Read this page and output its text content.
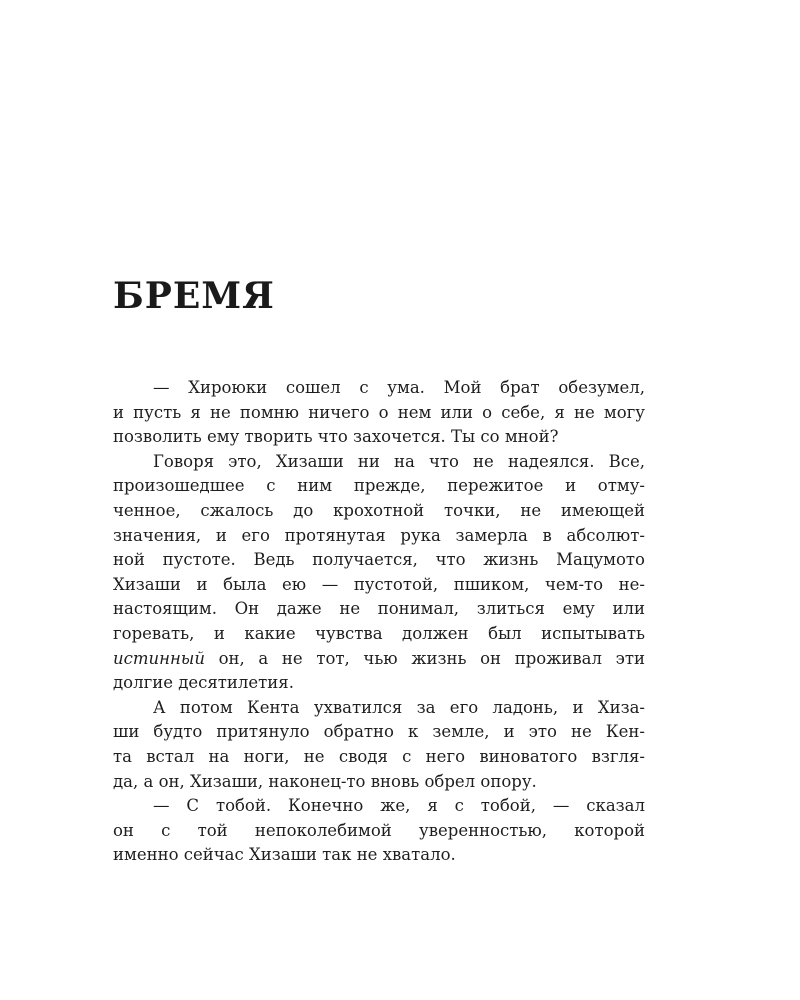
БРЕМЯ
— Хироюки сошел с ума. Мой брат обезумел,
и пусть я не помню ничего о нем или о себе, я не могу
позволить ему творить что захочется. Ты со мной?
Говоря это, Хизаши ни на что не надеялся. Все,
произошедшее с ним прежде, пережитое и отму-
ченное, сжалось до крохотной точки, не имеющей
значения, и его протянутая рука замерла в абсолют-
ной пустоте. Ведь получается, что жизнь Мацумото
Хизаши и была ею — пустотой, пшиком, чем-то не-
настоящим. Он даже не понимал, злиться ему или
горевать, и какие чувства должен был испытывать
истинный он, а не тот, чью жизнь он проживал эти
долгие десятилетия.
А потом Кента ухватился за его ладонь, и Хиза-
ши будто притянуло обратно к земле, и это не Кен-
та встал на ноги, не сводя с него виноватого взгля-
да, а он, Хизаши, наконец-то вновь обрел опору.
— С тобой. Конечно же, я с тобой, — сказал
он с той непоколебимой уверенностью, которой
именно сейчас Хизаши так не хватало.
